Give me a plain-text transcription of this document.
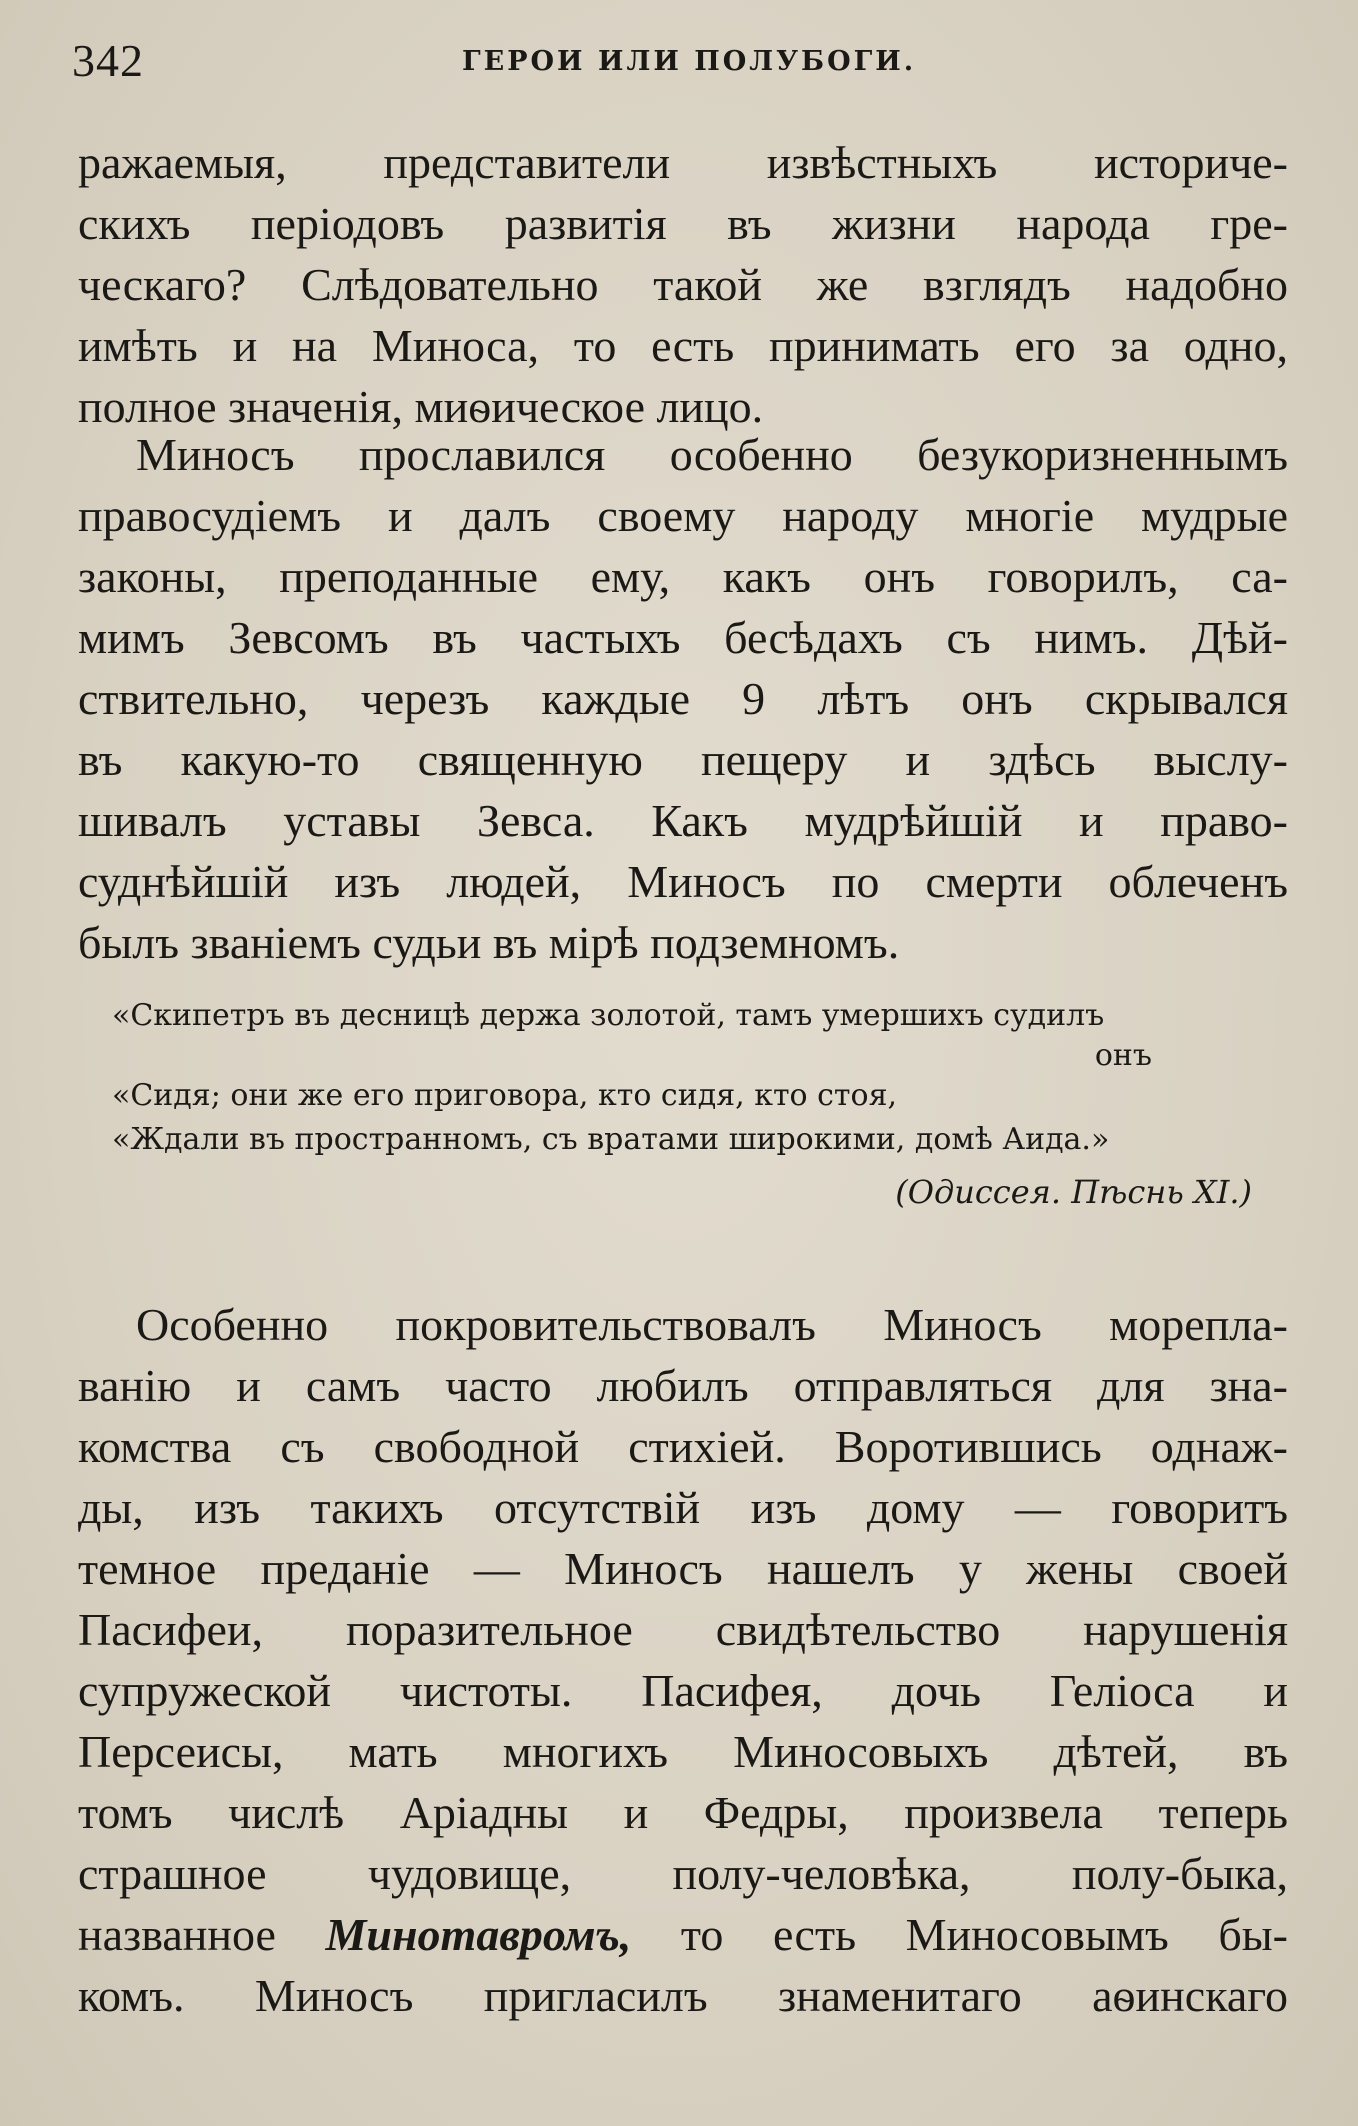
342	ГЕРОИ ИЛИ ПОЛУБОГИ.
ражаемыя, представители извѣстныхъ историче-
скихъ періодовъ развитія въ жизни народа гре-
ческаго? Слѣдовательно такой же взглядъ надобно
имѣть и на Миноса, то есть принимать его за одно,
полное значенія, миѳическое лицо.
Миносъ прославился особенно безукоризненнымъ
правосудіемъ и далъ своему народу многіе мудрые
законы, преподанные ему, какъ онъ говорилъ, са-
мимъ Зевсомъ въ частыхъ бесѣдахъ съ нимъ. Дѣй-
ствительно, черезъ каждые 9 лѣтъ онъ скрывался
въ какую-то священную пещеру и здѣсь выслу-
шивалъ уставы Зевса. Какъ мудрѣйшій и право-
суднѣйшій изъ людей, Миносъ по смерти облеченъ
былъ званіемъ судьи въ мірѣ подземномъ.
«Скипетръ въ десницѣ держа золотой, тамъ умершихъ судилъ
онъ
«Сидя; они же его приговора, кто сидя, кто стоя,
«Ждали въ пространномъ, съ вратами широкими, домѣ Аида.»
(Одиссея. Пѣснь XI.)
Особенно покровительствовалъ Миносъ морепла-
ванію и самъ часто любилъ отправляться для зна-
комства съ свободной стихіей. Воротившись однаж-
ды, изъ такихъ отсутствій изъ дому — говоритъ
темное преданіе — Миносъ нашелъ у жены своей
Пасифеи, поразительное свидѣтельство нарушенія
супружеской чистоты. Пасифея, дочь Геліоса и
Персеисы, мать многихъ Миносовыхъ дѣтей, въ
томъ числѣ Аріадны и Федры, произвела теперь
страшное чудовище, полу-человѣка, полу-быка,
названное Минотавромъ, то есть Миносовымъ бы-
комъ. Миносъ пригласилъ знаменитаго аѳинскаго
